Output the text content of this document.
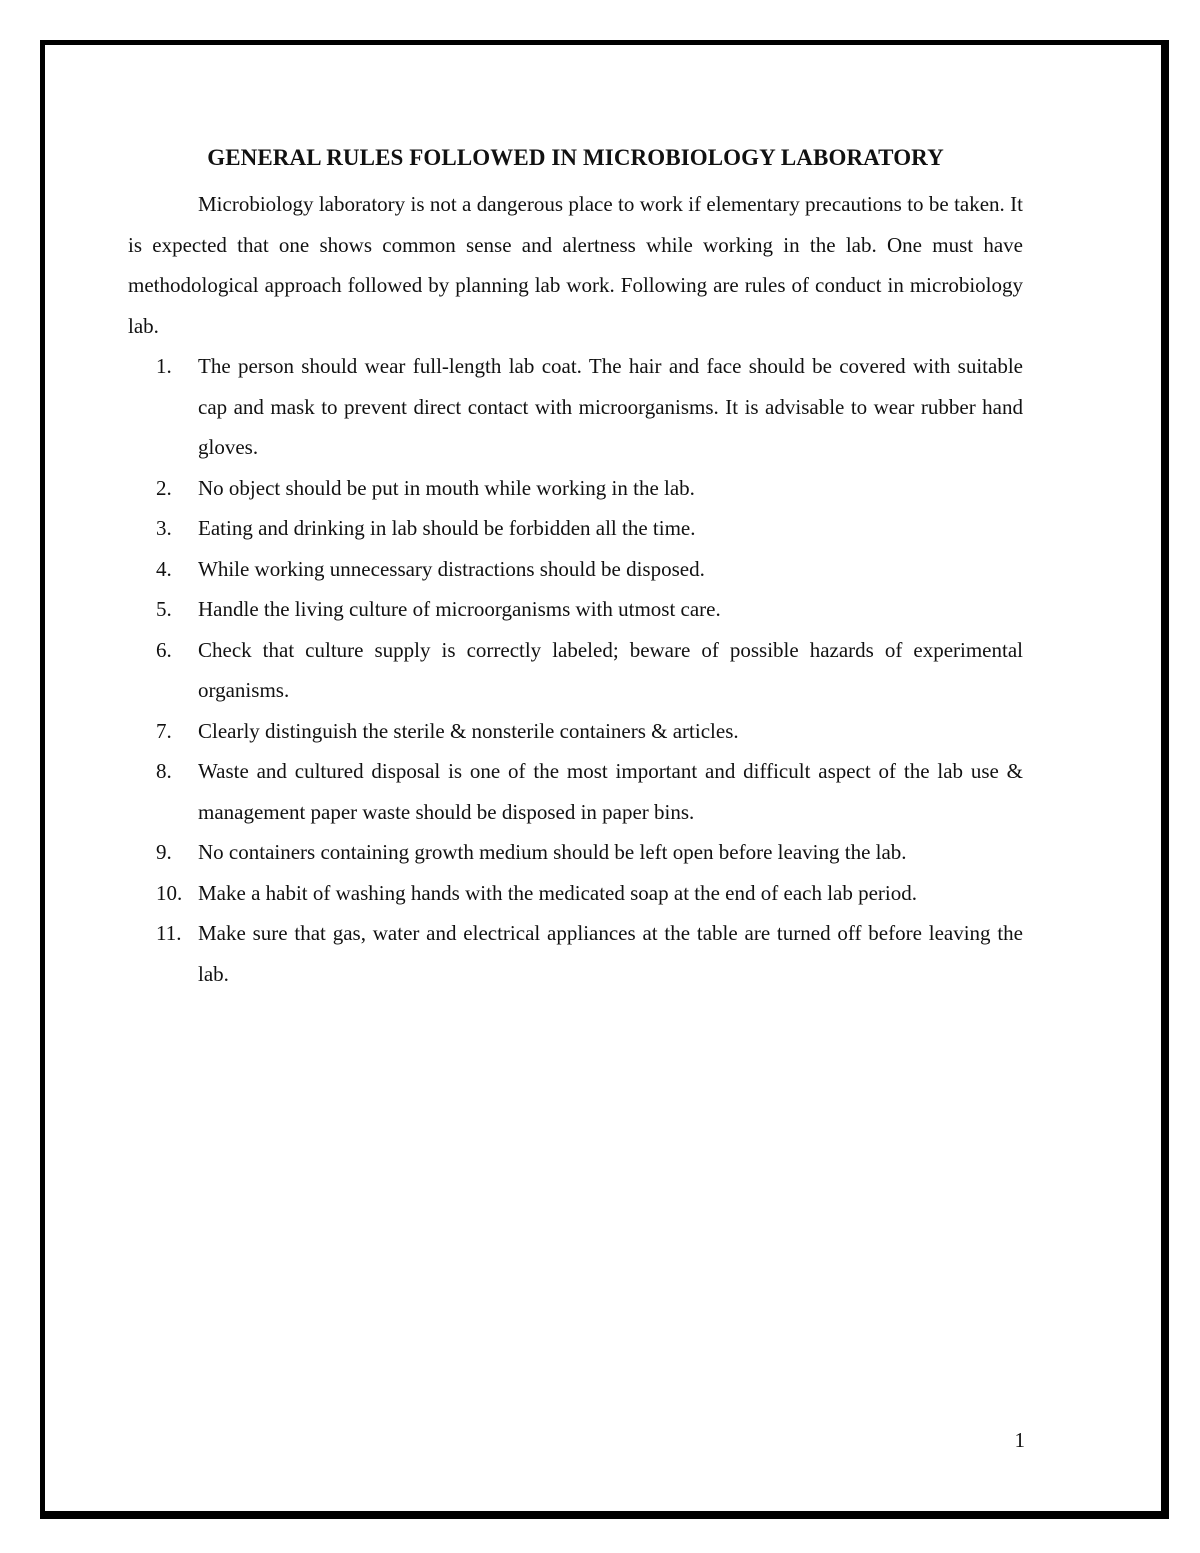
GENERAL RULES FOLLOWED IN MICROBIOLOGY LABORATORY

Microbiology laboratory is not a dangerous place to work if elementary precautions to be taken. It is expected that one shows common sense and alertness while working in the lab. One must have methodological approach followed by planning lab work. Following are rules of conduct in microbiology lab.

1.	The person should wear full-length lab coat. The hair and face should be covered with suitable cap and mask to prevent direct contact with microorganisms. It is advisable to wear rubber hand gloves.
2.	No object should be put in mouth while working in the lab.
3.	Eating and drinking in lab should be forbidden all the time.
4.	While working unnecessary distractions should be disposed.
5.	Handle the living culture of microorganisms with utmost care.
6.	Check that culture supply is correctly labeled; beware of possible hazards of experimental organisms.
7.	Clearly distinguish the sterile & nonsterile containers & articles.
8.	Waste and cultured disposal is one of the most important and difficult aspect of the lab use & management paper waste should be disposed in paper bins.
9.	No containers containing growth medium should be left open before leaving the lab.
10. Make a habit of washing hands with the medicated soap at the end of each lab period.
11. Make sure that gas, water and electrical appliances at the table are turned off before leaving the lab.
1
